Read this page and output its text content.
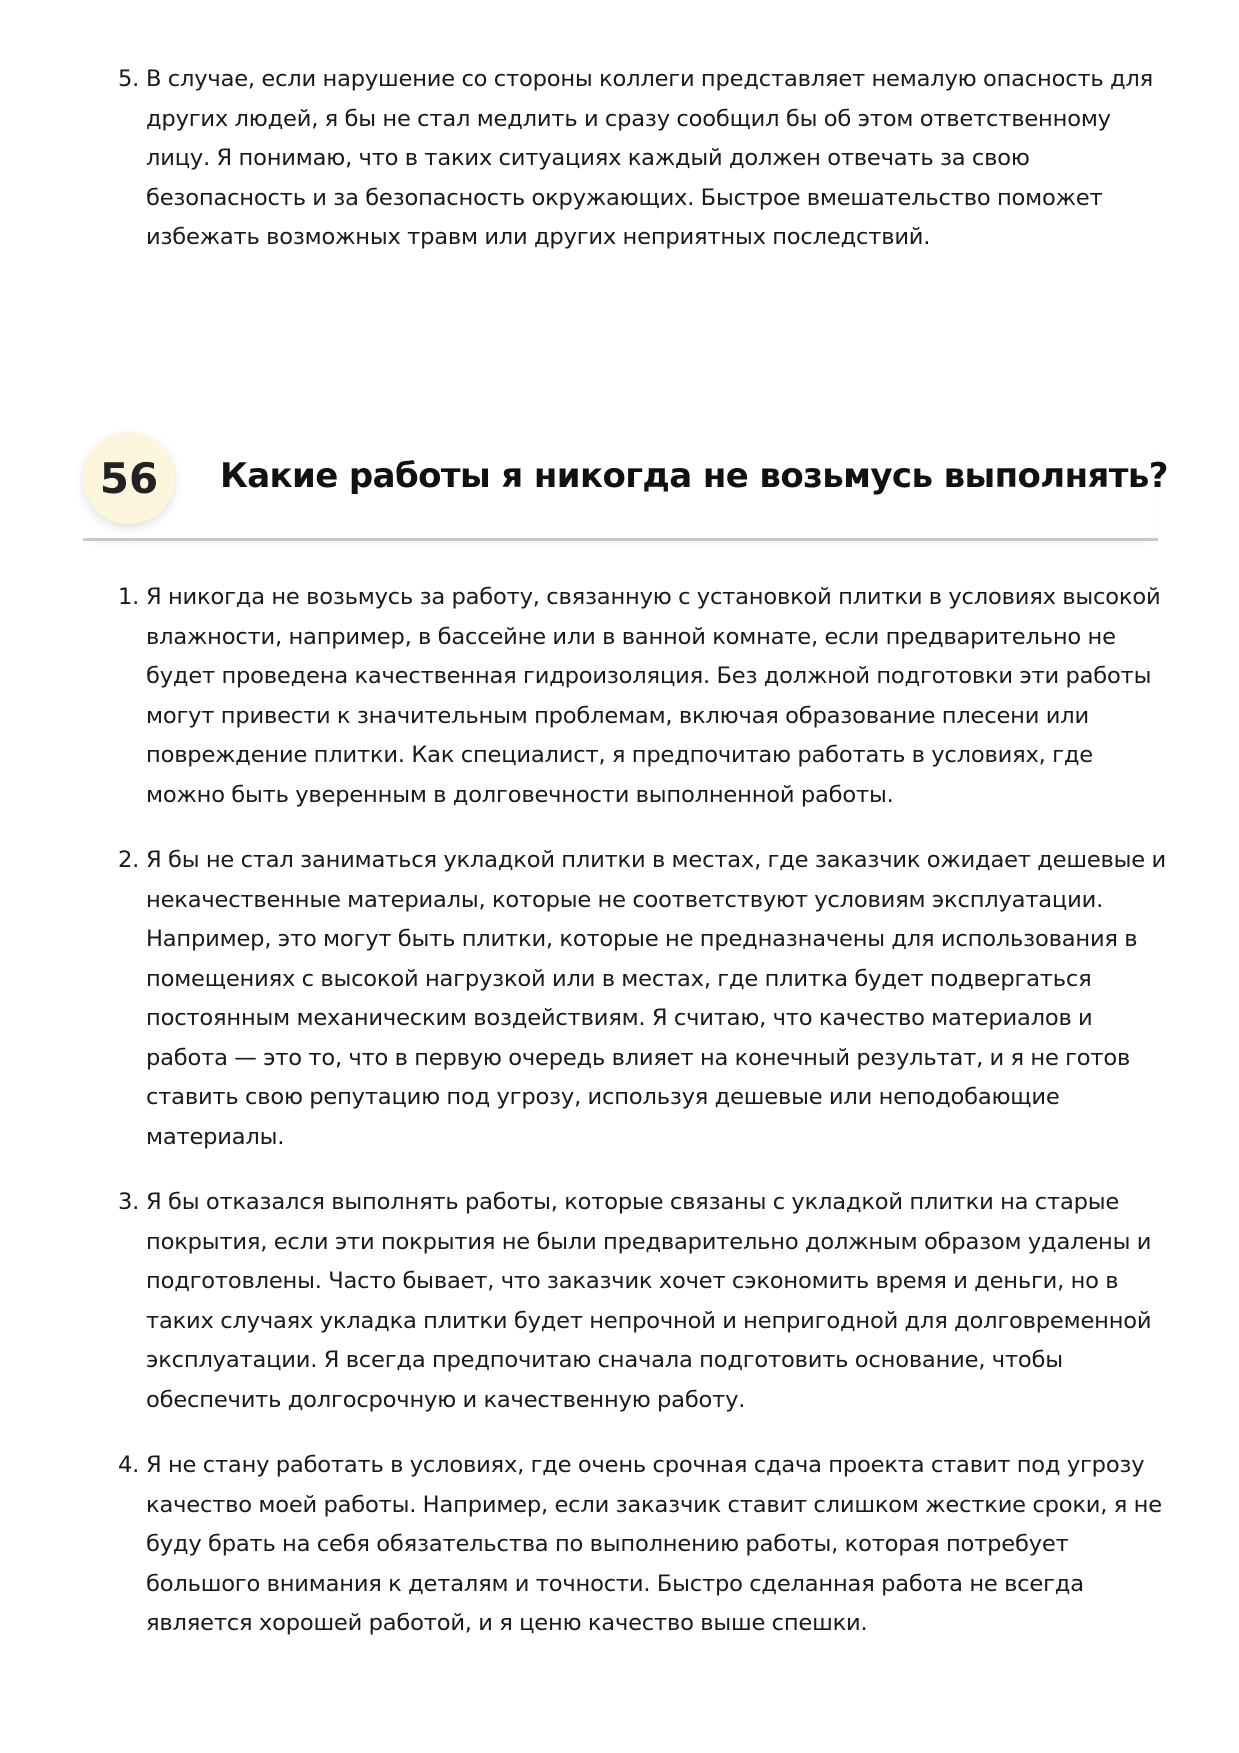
5. В случае, если нарушение со стороны коллеги представляет немалую опасность для других людей, я бы не стал медлить и сразу сообщил бы об этом ответственному лицу. Я понимаю, что в таких ситуациях каждый должен отвечать за свою безопасность и за безопасность окружающих. Быстрое вмешательство поможет избежать возможных травм или других неприятных последствий.
56	Какие работы я никогда не возьмусь выполнять?
1. Я никогда не возьмусь за работу, связанную с установкой плитки в условиях высокой влажности, например, в бассейне или в ванной комнате, если предварительно не будет проведена качественная гидроизоляция. Без должной подготовки эти работы могут привести к значительным проблемам, включая образование плесени или повреждение плитки. Как специалист, я предпочитаю работать в условиях, где можно быть уверенным в долговечности выполненной работы.
2. Я бы не стал заниматься укладкой плитки в местах, где заказчик ожидает дешевые и некачественные материалы, которые не соответствуют условиям эксплуатации. Например, это могут быть плитки, которые не предназначены для использования в помещениях с высокой нагрузкой или в местах, где плитка будет подвергаться постоянным механическим воздействиям. Я считаю, что качество материалов и работа — это то, что в первую очередь влияет на конечный результат, и я не готов ставить свою репутацию под угрозу, используя дешевые или неподобающие материалы.
3. Я бы отказался выполнять работы, которые связаны с укладкой плитки на старые покрытия, если эти покрытия не были предварительно должным образом удалены и подготовлены. Часто бывает, что заказчик хочет сэкономить время и деньги, но в таких случаях укладка плитки будет непрочной и непригодной для долговременной эксплуатации. Я всегда предпочитаю сначала подготовить основание, чтобы обеспечить долгосрочную и качественную работу.
4. Я не стану работать в условиях, где очень срочная сдача проекта ставит под угрозу качество моей работы. Например, если заказчик ставит слишком жесткие сроки, я не буду брать на себя обязательства по выполнению работы, которая потребует большого внимания к деталям и точности. Быстро сделанная работа не всегда является хорошей работой, и я ценю качество выше спешки.
